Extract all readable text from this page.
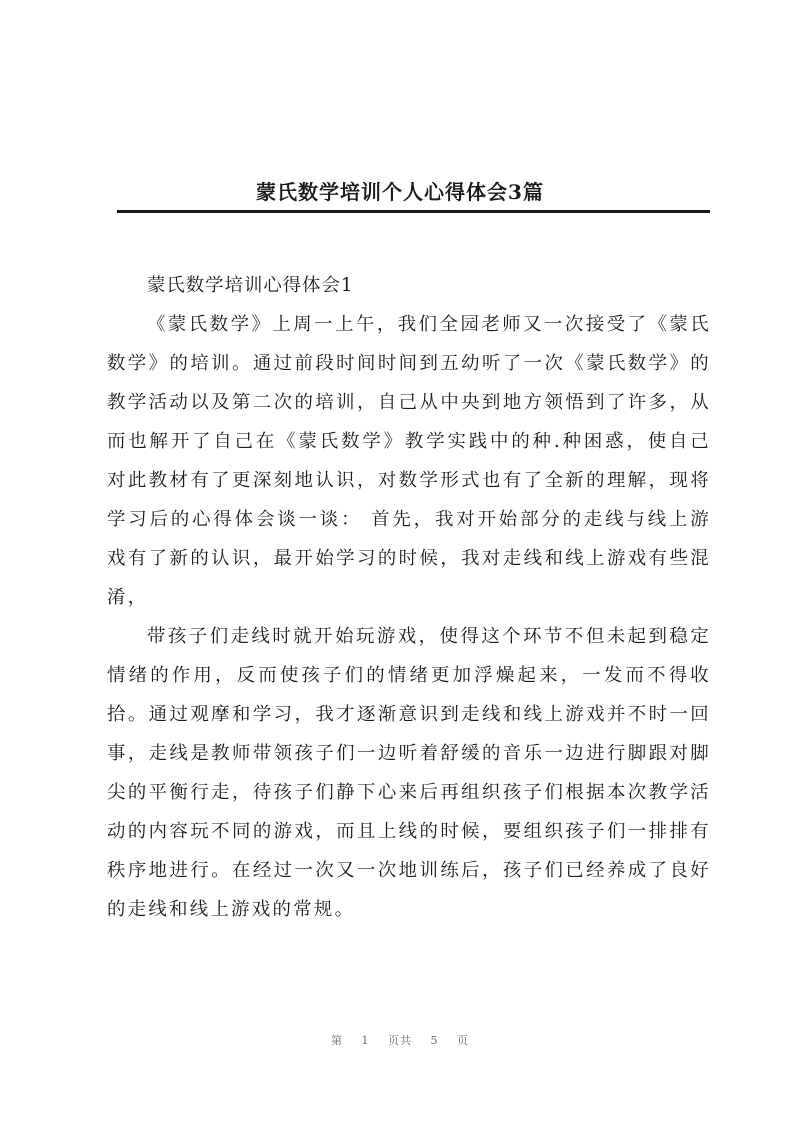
蒙氏数学培训个人心得体会3篇

蒙氏数学培训心得体会1

《蒙氏数学》上周一上午，我们全园老师又一次接受了《蒙氏数学》的培训。通过前段时间时间到五幼听了一次《蒙氏数学》的教学活动以及第二次的培训，自己从中央到地方领悟到了许多，从而也解开了自己在《蒙氏数学》教学实践中的种.种困惑，使自己对此教材有了更深刻地认识，对数学形式也有了全新的理解，现将学习后的心得体会谈一谈： 首先，我对开始部分的走线与线上游戏有了新的认识，最开始学习的时候，我对走线和线上游戏有些混淆，

带孩子们走线时就开始玩游戏，使得这个环节不但未起到稳定情绪的作用，反而使孩子们的情绪更加浮燥起来，一发而不得收拾。通过观摩和学习，我才逐渐意识到走线和线上游戏并不时一回事，走线是教师带领孩子们一边听着舒缓的音乐一边进行脚跟对脚尖的平衡行走，待孩子们静下心来后再组织孩子们根据本次教学活动的内容玩不同的游戏，而且上线的时候，要组织孩子们一排排有秩序地进行。在经过一次又一次地训练后，孩子们已经养成了良好的走线和线上游戏的常规。

第 1 页共 5 页
